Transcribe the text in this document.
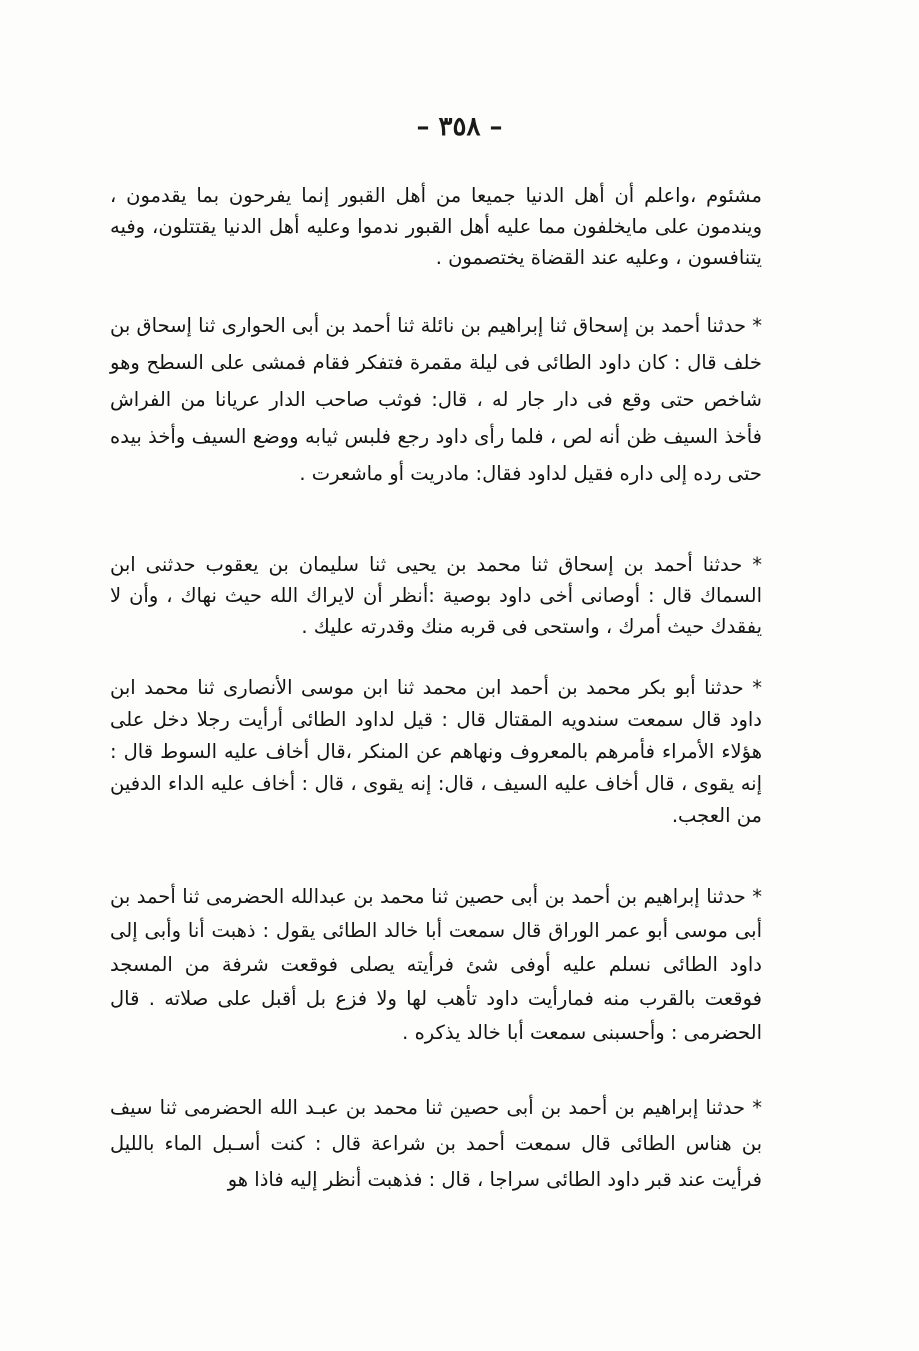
– ٣٥٨ –

مشئوم ،واعلم أن أهل الدنيا جميعا من أهل القبور إنما يفرحون بما يقدمون ، ويندمون على مايخلفون مما عليه أهل القبور ندموا وعليه أهل الدنيا يقتتلون، وفيه يتنافسون ، وعليه عند القضاة يختصمون .

* حدثنا أحمد بن إسحاق ثنا إبراهيم بن نائلة ثنا أحمد بن أبى الحوارى ثنا إسحاق بن خلف قال : كان داود الطائى فى ليلة مقمرة فتفكر فقام فمشى على السطح وهو شاخص حتى وقع فى دار جار له ، قال: فوثب صاحب الدار عريانا من الفراش فأخذ السيف ظن أنه لص ، فلما رأى داود رجع فلبس ثيابه ووضع السيف وأخذ بيده حتى رده إلى داره فقيل لداود فقال: مادريت أو ماشعرت .

* حدثنا أحمد بن إسحاق ثنا محمد بن يحيى ثنا سليمان بن يعقوب حدثنى ابن السماك قال : أوصانى أخى داود بوصية :أنظر أن لايراك الله حيث نهاك ، وأن لا يفقدك حيث أمرك ، واستحى فى قربه منك وقدرته عليك .

* حدثنا أبو بكر محمد بن أحمد ابن محمد ثنا ابن موسى الأنصارى ثنا محمد ابن داود قال سمعت سندويه المقتال قال : قيل لداود الطائى أرأيت رجلا دخل على هؤلاء الأمراء فأمرهم بالمعروف ونهاهم عن المنكر ،قال أخاف عليه السوط قال : إنه يقوى ، قال أخاف عليه السيف ، قال: إنه يقوى ، قال : أخاف عليه الداء الدفين من العجب.

* حدثنا إبراهيم بن أحمد بن أبى حصين ثنا محمد بن عبدالله الحضرمى ثنا أحمد بن أبى موسى أبو عمر الوراق قال سمعت أبا خالد الطائى يقول : ذهبت أنا وأبى إلى داود الطائى نسلم عليه أوفى شئ فرأيته يصلى فوقعت شرفة من المسجد فوقعت بالقرب منه فمارأيت داود تأهب لها ولا فزع بل أقبل على صلاته . قال الحضرمى : وأحسبنى سمعت أبا خالد يذكره .

* حدثنا إبراهيم بن أحمد بن أبى حصين ثنا محمد بن عبـد الله الحضرمى ثنا سيف بن هناس الطائى قال سمعت أحمد بن شراعة قال : كنت أسـبل الماء بالليل فرأيت عند قبر داود الطائى سراجا ، قال : فذهبت أنظر إليه فاذا هو
